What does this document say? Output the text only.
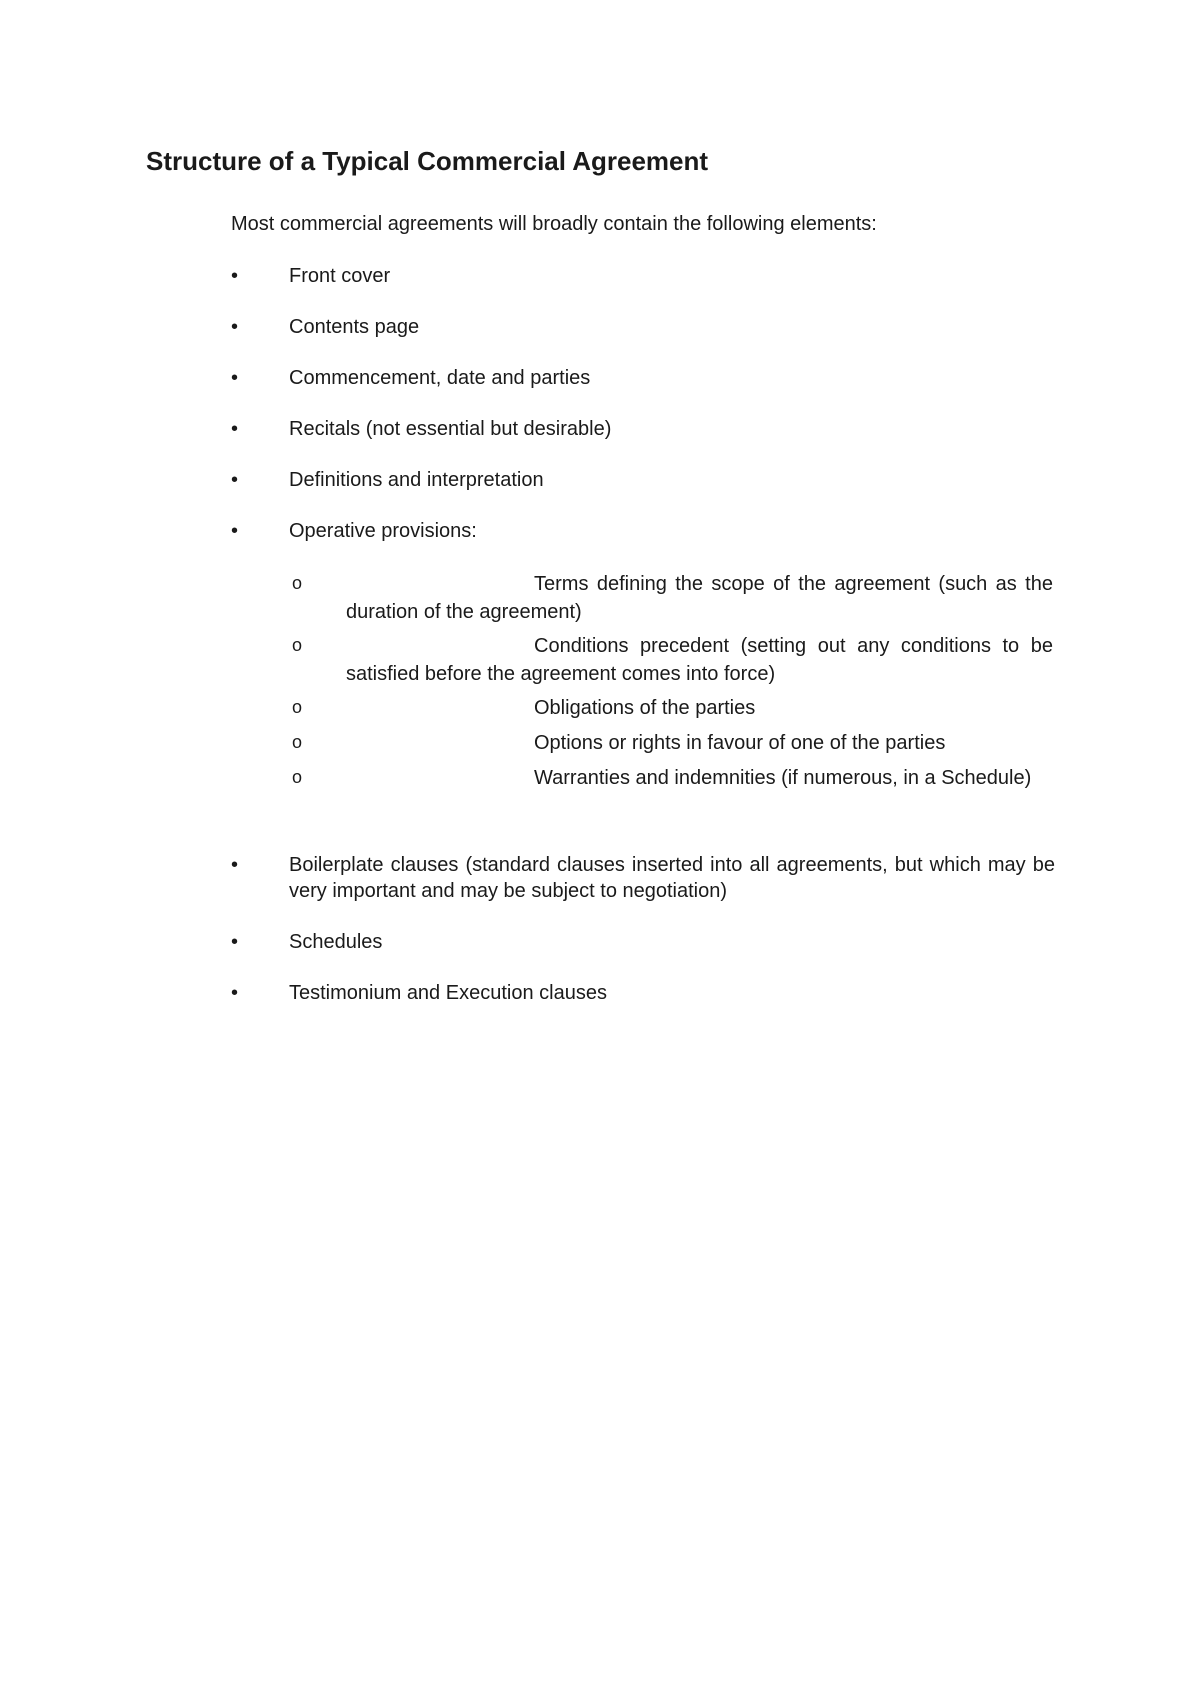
Structure of a Typical Commercial Agreement
Most commercial agreements will broadly contain the following elements:
•	Front cover
•	Contents page
•	Commencement, date and parties
•	Recitals (not essential but desirable)
•	Definitions and interpretation
•	Operative provisions:
o	Terms defining the scope of the agreement (such as the duration of the agreement)
o	Conditions precedent (setting out any conditions to be satisfied before the agreement comes into force)
o	Obligations of the parties
o	Options or rights in favour of one of the parties
o	Warranties and indemnities (if numerous, in a Schedule)
•	Boilerplate clauses (standard clauses inserted into all agreements, but which may be very important and may be subject to negotiation)
•	Schedules
•	Testimonium and Execution clauses
